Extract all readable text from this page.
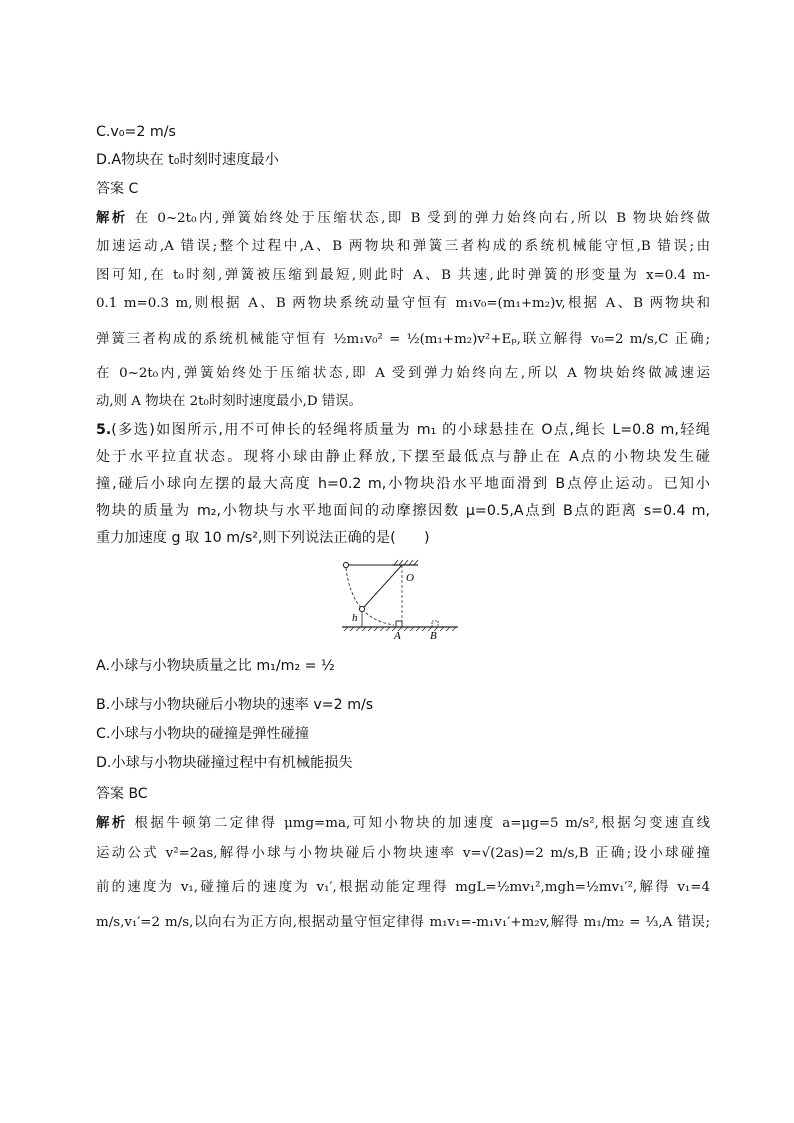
C.v₀=2 m/s
D.A物块在 t₀时刻时速度最小
答案 C
解析 在 0~2t₀内,弹簧始终处于压缩状态,即 B 受到的弹力始终向右,所以 B 物块始终做
加速运动,A 错误;整个过程中,A、B 两物块和弹簧三者构成的系统机械能守恒,B 错误;由
图可知,在 t₀时刻,弹簧被压缩到最短,则此时 A、B 共速,此时弹簧的形变量为 x=0.4 m-
0.1 m=0.3 m,则根据 A、B 两物块系统动量守恒有 m₁v₀=(m₁+m₂)v,根据 A、B 两物块和
弹簧三者构成的系统机械能守恒有 ½m₁v₀² = ½(m₁+m₂)v²+Eₚ,联立解得 v₀=2 m/s,C 正确;
在 0~2t₀内,弹簧始终处于压缩状态,即 A 受到弹力始终向左,所以 A 物块始终做减速运
动,则 A 物块在 2t₀时刻时速度最小,D 错误。
5.(多选)如图所示,用不可伸长的轻绳将质量为 m₁ 的小球悬挂在 O点,绳长 L=0.8 m,轻绳
处于水平拉直状态。现将小球由静止释放,下摆至最低点与静止在 A点的小物块发生碰
撞,碰后小球向左摆的最大高度 h=0.2 m,小物块沿水平地面滑到 B点停止运动。已知小
物块的质量为 m₂,小物块与水平地面间的动摩擦因数 μ=0.5,A点到 B点的距离 s=0.4 m,
重力加速度 g 取 10 m/s²,则下列说法正确的是(　　)
A.小球与小物块质量之比 m₁/m₂ = ½
B.小球与小物块碰后小物块的速率 v=2 m/s
C.小球与小物块的碰撞是弹性碰撞
D.小球与小物块碰撞过程中有机械能损失
答案 BC
解析 根据牛顿第二定律得 μmg=ma,可知小物块的加速度 a=μg=5 m/s²,根据匀变速直线
运动公式 v²=2as,解得小球与小物块碰后小物块速率 v=√(2as)=2 m/s,B 正确;设小球碰撞
前的速度为 v₁,碰撞后的速度为 v₁′,根据动能定理得 mgL=½mv₁²,mgh=½mv₁′²,解得 v₁=4
m/s,v₁′=2 m/s,以向右为正方向,根据动量守恒定律得 m₁v₁=-m₁v₁′+m₂v,解得 m₁/m₂ = ⅓,A 错误;
O
h
A	B
